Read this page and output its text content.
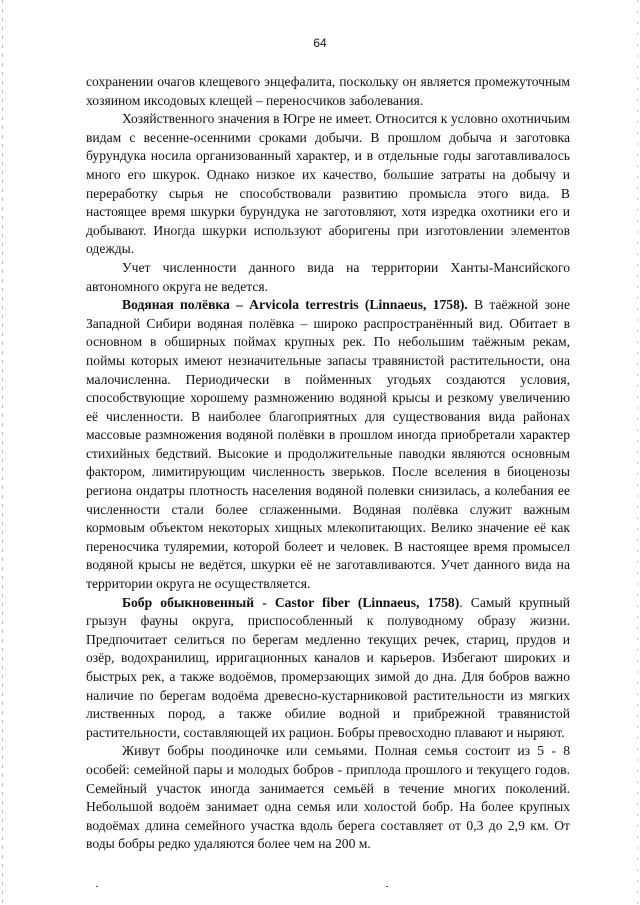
64

сохранении очагов клещевого энцефалита, поскольку он является промежуточным хозяином иксодовых клещей – переносчиков заболевания.

Хозяйственного значения в Югре не имеет. Относится к условно охотничьим видам с весенне-осенними сроками добычи. В прошлом добыча и заготовка бурундука носила организованный характер, и в отдельные годы заготавливалось много его шкурок. Однако низкое их качество, большие затраты на добычу и переработку сырья не способствовали развитию промысла этого вида. В настоящее время шкурки бурундука не заготовляют, хотя изредка охотники его и добывают. Иногда шкурки используют аборигены при изготовлении элементов одежды.

Учет численности данного вида на территории Ханты-Мансийского автономного округа не ведется.

Водяная полёвка – Arvicola terrestris (Linnaeus, 1758). В таёжной зоне Западной Сибири водяная полёвка – широко распространённый вид. Обитает в основном в обширных поймах крупных рек. По небольшим таёжным рекам, поймы которых имеют незначительные запасы травянистой растительности, она малочисленна. Периодически в пойменных угодьях создаются условия, способствующие хорошему размножению водяной крысы и резкому увеличению её численности. В наиболее благоприятных для существования вида районах массовые размножения водяной полёвки в прошлом иногда приобретали характер стихийных бедствий. Высокие и продолжительные паводки являются основным фактором, лимитирующим численность зверьков. После вселения в биоценозы региона ондатры плотность населения водяной полевки снизилась, а колебания ее численности стали более сглаженными. Водяная полёвка служит важным кормовым объектом некоторых хищных млекопитающих. Велико значение её как переносчика туляремии, которой болеет и человек. В настоящее время промысел водяной крысы не ведётся, шкурки её не заготавливаются. Учет данного вида на территории округа не осуществляется.

Бобр обыкновенный - Castor fiber (Linnaeus, 1758). Самый крупный грызун фауны округа, приспособленный к полуводному образу жизни. Предпочитает селиться по берегам медленно текущих речек, стариц, прудов и озёр, водохранилищ, ирригационных каналов и карьеров. Избегают широких и быстрых рек, а также водоёмов, промерзающих зимой до дна. Для бобров важно наличие по берегам водоёма древесно-кустарниковой растительности из мягких лиственных пород, а также обилие водной и прибрежной травянистой растительности, составляющей их рацион. Бобры превосходно плавают и ныряют.

Живут бобры поодиночке или семьями. Полная семья состоит из 5 - 8 особей: семейной пары и молодых бобров - приплода прошлого и текущего годов. Семейный участок иногда занимается семьёй в течение многих поколений. Небольшой водоём занимает одна семья или холостой бобр. На более крупных водоёмах длина семейного участка вдоль берега составляет от 0,3 до 2,9 км. От воды бобры редко удаляются более чем на 200 м.
